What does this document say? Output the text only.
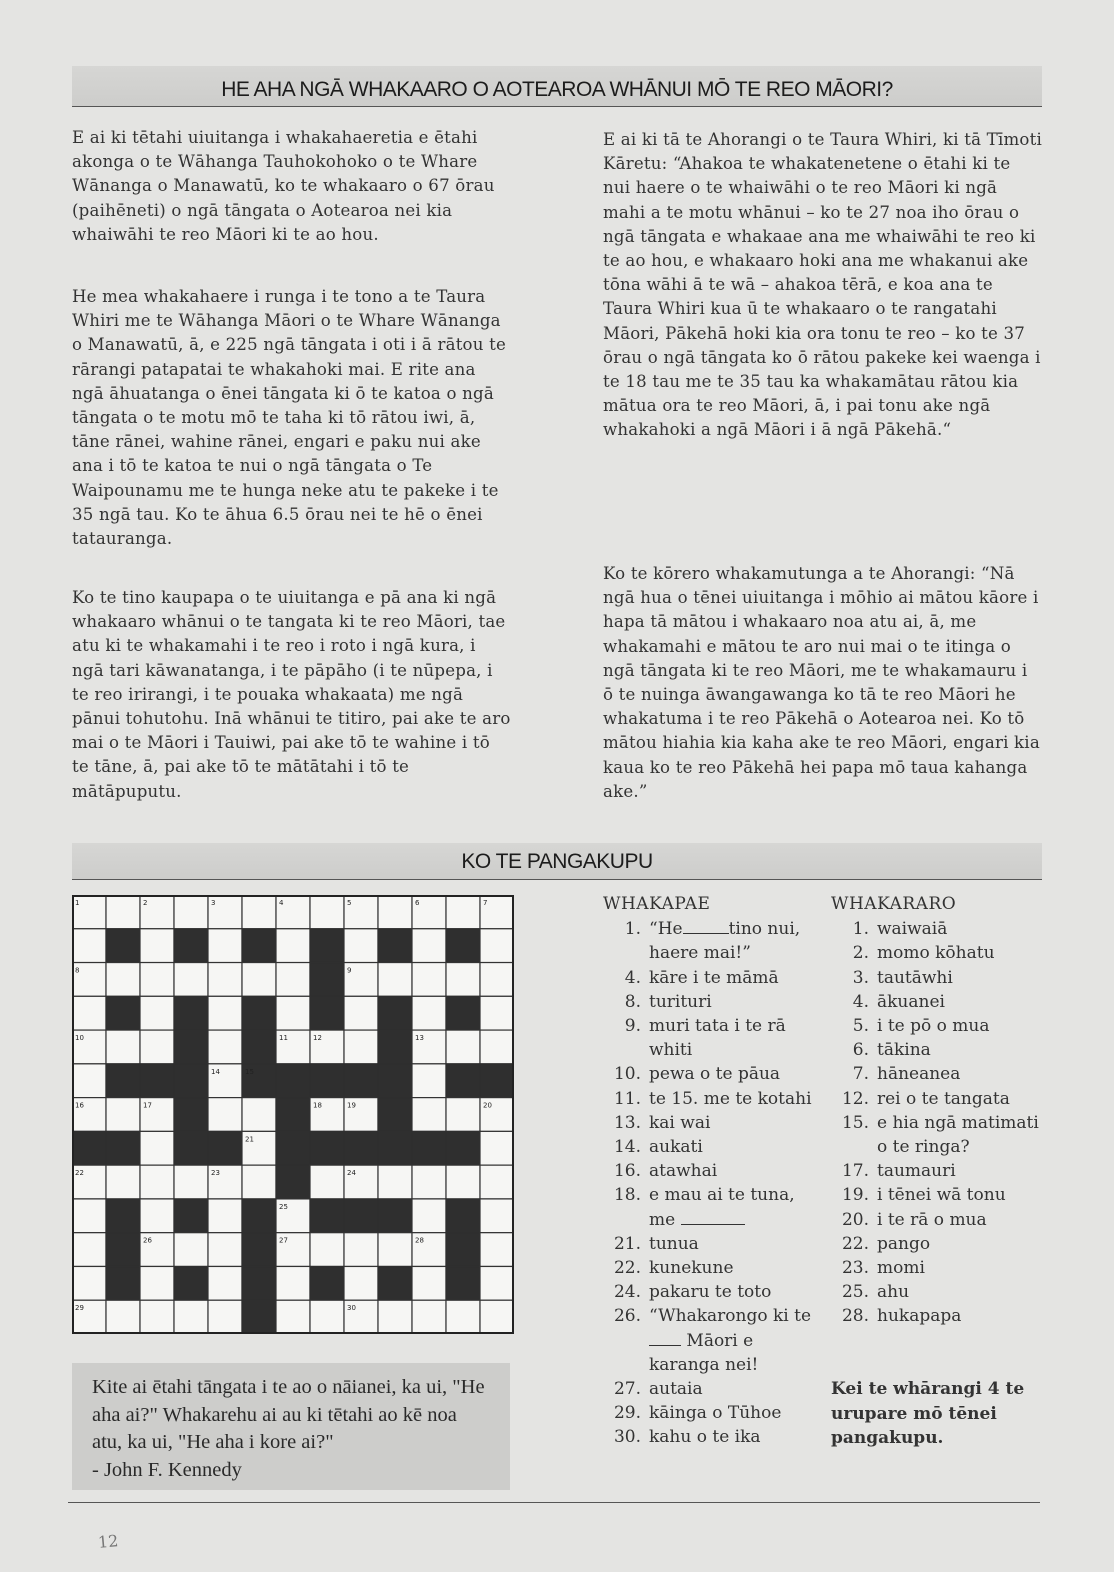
HE AHA NGĀ WHAKAARO O AOTEAROA WHĀNUI MŌ TE REO MĀORI?

E ai ki tētahi uiuitanga i whakahaeretia e ētahi akonga o te Wāhanga Tauhokohoko o te Whare Wānanga o Manawatū, ko te whakaaro o 67 ōrau (paihēneti) o ngā tāngata o Aotearoa nei kia whaiwāhi te reo Māori ki te ao hou.

He mea whakahaere i runga i te tono a te Taura Whiri me te Wāhanga Māori o te Whare Wānanga o Manawatū, ā, e 225 ngā tāngata i oti i ā rātou te rārangi patapatai te whakahoki mai. E rite ana ngā āhuatanga o ēnei tāngata ki ō te katoa o ngā tāngata o te motu mō te taha ki tō rātou iwi, ā, tāne rānei, wahine rānei, engari e paku nui ake ana i tō te katoa te nui o ngā tāngata o Te Waipounamu me te hunga neke atu te pakeke i te 35 ngā tau. Ko te āhua 6.5 ōrau nei te hē o ēnei tatauranga.

Ko te tino kaupapa o te uiuitanga e pā ana ki ngā whakaaro whānui o te tangata ki te reo Māori, tae atu ki te whakamahi i te reo i roto i ngā kura, i ngā tari kāwanatanga, i te pāpāho (i te nūpepa, i te reo irirangi, i te pouaka whakaata) me ngā pānui tohutohu. Inā whānui te titiro, pai ake te aro mai o te Māori i Tauiwi, pai ake tō te wahine i tō te tāne, ā, pai ake tō te mātātahi i tō te mātāpuputu.

E ai ki tā te Ahorangi o te Taura Whiri, ki tā Tīmoti Kāretu: “Ahakoa te whakatenetene o ētahi ki te nui haere o te whaiwāhi o te reo Māori ki ngā mahi a te motu whānui – ko te 27 noa iho ōrau o ngā tāngata e whakaae ana me whaiwāhi te reo ki te ao hou, e whakaaro hoki ana me whakanui ake tōna wāhi ā te wā – ahakoa tērā, e koa ana te Taura Whiri kua ū te whakaaro o te rangatahi Māori, Pākehā hoki kia ora tonu te reo – ko te 37 ōrau o ngā tāngata ko ō rātou pakeke kei waenga i te 18 tau me te 35 tau ka whakamātau rātou kia mātua ora te reo Māori, ā, i pai tonu ake ngā whakahoki a ngā Māori i ā ngā Pākehā.“

Ko te kōrero whakamutunga a te Ahorangi: “Nā ngā hua o tēnei uiuitanga i mōhio ai mātou kāore i hapa tā mātou i whakaaro noa atu ai, ā, me whakamahi e mātou te aro nui mai o te itinga o ngā tāngata ki te reo Māori, me te whakamauru i ō te nuinga āwangawanga ko tā te reo Māori he whakatuma i te reo Pākehā o Aotearoa nei. Ko tō mātou hiahia kia kaha ake te reo Māori, engari kia kaua ko te reo Pākehā hei papa mō taua kahanga ake.”

KO TE PANGAKUPU
1	2	3	4	5	6	7
8	9
10	11	12	13
14	15
16	17	18	19	20
21
22	23	24
25
26	27	28
29	30
WHAKAPAE
1. “He	tino nui, haere mai!”
4. kāre i te māmā
8. turituri
9. muri tata i te rā whiti
10. pewa o te pāua
11. te 15. me te kotahi
13. kai wai
14. aukati
16. atawhai
18. e mau ai te tuna, me
21. tunua
22. kunekune
24. pakaru te toto
26. “Whakarongo ki te  Māori e karanga nei!
27. autaia
29. kāinga o Tūhoe
30. kahu o te ika
WHAKARARO
1. waiwaiā
2. momo kōhatu
3. tautāwhi
4. ākuanei
5. i te pō o mua
6. tākina
7. hāneanea
12. rei o te tangata
15. e hia ngā matimati o te ringa?
17. taumauri
19. i tēnei wā tonu
20. i te rā o mua
22. pango
23. momi
25. ahu
28. hukapapa

Kei te whārangi 4 te urupare mō tēnei pangakupu.

Kite ai ētahi tāngata i te ao o nāianei, ka ui, "He aha ai?" Whakarehu ai au ki tētahi ao kē noa atu, ka ui, "He aha i kore ai?"
- John F. Kennedy
12
